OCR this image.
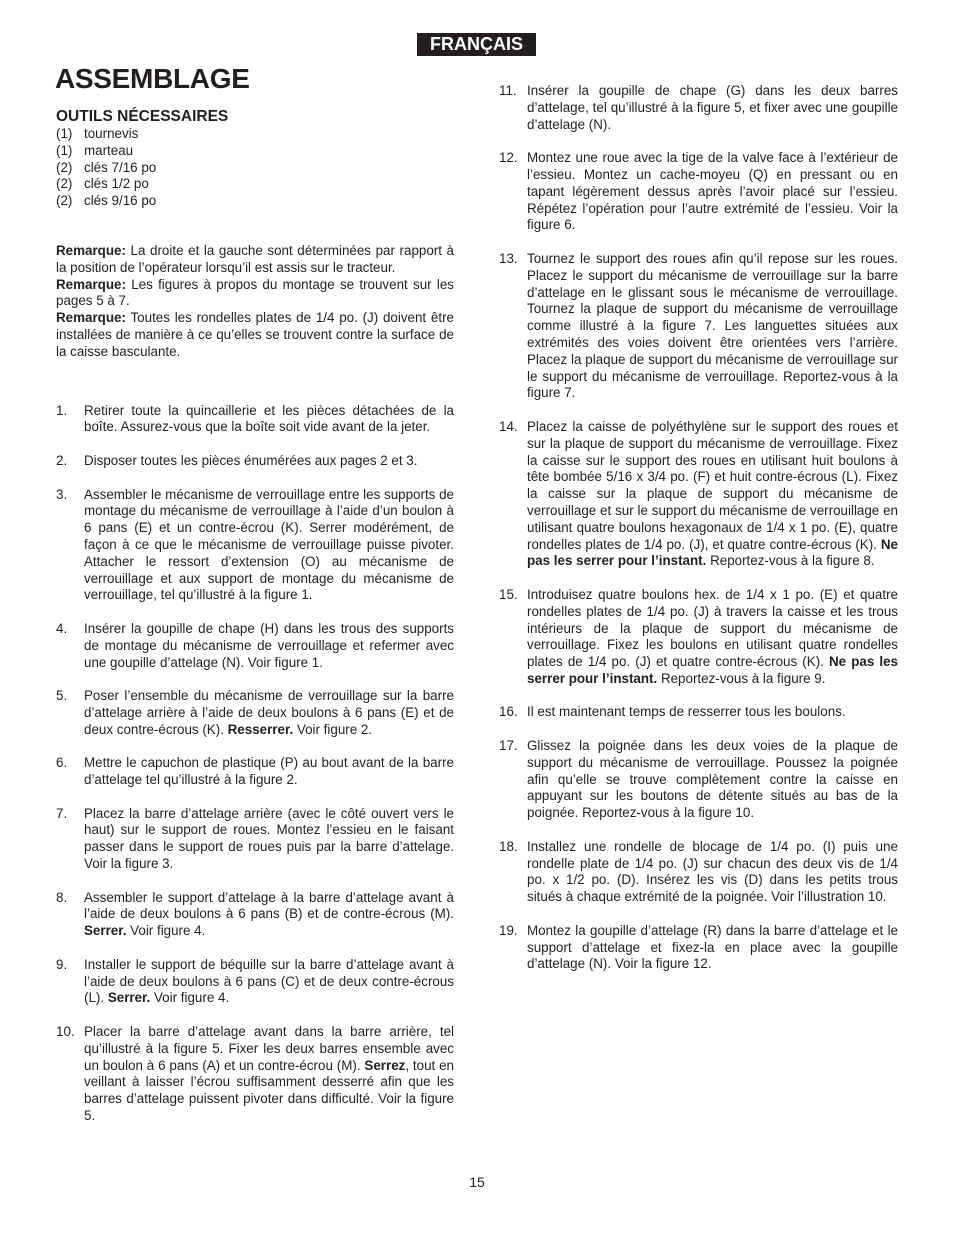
FRANÇAIS
ASSEMBLAGE
OUTILS NÉCESSAIRES
(1) tournevis
(1) marteau
(2) clés 7/16 po
(2) clés 1/2 po
(2) clés 9/16 po

Remarque: La droite et la gauche sont déterminées par rapport à la position de l’opérateur lorsqu’il est assis sur le tracteur.

Remarque: Les figures à propos du montage se trouvent sur les pages 5 à 7.

Remarque: Toutes les rondelles plates de 1/4 po. (J) doivent être installées de manière à ce qu’elles se trouvent contre la surface de la caisse basculante.

1. Retirer toute la quincaillerie et les pièces détachées de la boîte. Assurez-vous que la boîte soit vide avant de la jeter.
2. Disposer toutes les pièces énumérées aux pages 2 et 3.
3. Assembler le mécanisme de verrouillage entre les supports de montage du mécanisme de verrouillage à l’aide d’un boulon à 6 pans (E) et un contre-écrou (K). Serrer modérément, de façon à ce que le mécanisme de verrouillage puisse pivoter. Attacher le ressort d’extension (O) au mécanisme de verrouillage et aux support de montage du mécanisme de verrouillage, tel qu’illustré à la figure 1.
4. Insérer la goupille de chape (H) dans les trous des supports de montage du mécanisme de verrouillage et refermer avec une goupille d’attelage (N). Voir figure 1.
5. Poser l’ensemble du mécanisme de verrouillage sur la barre d’attelage arrière à l’aide de deux boulons à 6 pans (E) et de deux contre-écrous (K). Resserrer. Voir figure 2.
6. Mettre le capuchon de plastique (P) au bout avant de la barre d’attelage tel qu’illustré à la figure 2.
7. Placez la barre d’attelage arrière (avec le côté ouvert vers le haut) sur le support de roues. Montez l’essieu en le faisant passer dans le support de roues puis par la barre d’attelage. Voir la figure 3.
8. Assembler le support d’attelage à la barre d’attelage avant à l’aide de deux boulons à 6 pans (B) et de contre-écrous (M). Serrer. Voir figure 4.
9. Installer le support de béquille sur la barre d’attelage avant à l’aide de deux boulons à 6 pans (C) et de deux contre-écrous (L). Serrer. Voir figure 4.
10. Placer la barre d’attelage avant dans la barre arrière, tel qu’illustré à la figure 5. Fixer les deux barres ensemble avec un boulon à 6 pans (A) et un contre-écrou (M). Serrez, tout en veillant à laisser l’écrou suffisamment desserré afin que les barres d’attelage puissent pivoter dans difficulté. Voir la figure 5.
11. Insérer la goupille de chape (G) dans les deux barres d’attelage, tel qu’illustré à la figure 5, et fixer avec une goupille d’attelage (N).
12. Montez une roue avec la tige de la valve face à l’extérieur de l’essieu. Montez un cache-moyeu (Q) en pressant ou en tapant légèrement dessus après l’avoir placé sur l’essieu. Répétez l’opération pour l’autre extrémité de l’essieu. Voir la figure 6.
13. Tournez le support des roues afin qu’il repose sur les roues. Placez le support du mécanisme de verrouillage sur la barre d’attelage en le glissant sous le mécanisme de verrouillage. Tournez la plaque de support du mécanisme de verrouillage comme illustré à la figure 7. Les languettes situées aux extrémités des voies doivent être orientées vers l’arrière. Placez la plaque de support du mécanisme de verrouillage sur le support du mécanisme de verrouillage. Reportez-vous à la figure 7.
14. Placez la caisse de polyéthylène sur le support des roues et sur la plaque de support du mécanisme de verrouillage. Fixez la caisse sur le support des roues en utilisant huit boulons à tête bombée 5/16 x 3/4 po. (F) et huit contre-écrous (L). Fixez la caisse sur la plaque de support du mécanisme de verrouillage et sur le support du mécanisme de verrouillage en utilisant quatre boulons hexagonaux de 1/4 x 1 po. (E), quatre rondelles plates de 1/4 po. (J), et quatre contre-écrous (K). Ne pas les serrer pour l’instant. Reportez-vous à la figure 8.
15. Introduisez quatre boulons hex. de 1/4 x 1 po. (E) et quatre rondelles plates de 1/4 po. (J) à travers la caisse et les trous intérieurs de la plaque de support du mécanisme de verrouillage. Fixez les boulons en utilisant quatre rondelles plates de 1/4 po. (J) et quatre contre-écrous (K). Ne pas les serrer pour l’instant. Reportez-vous à la figure 9.
16. Il est maintenant temps de resserrer tous les boulons.
17. Glissez la poignée dans les deux voies de la plaque de support du mécanisme de verrouillage. Poussez la poignée afin qu’elle se trouve complètement contre la caisse en appuyant sur les boutons de détente situés au bas de la poignée. Reportez-vous à la figure 10.
18. Installez une rondelle de blocage de 1/4 po. (I) puis une rondelle plate de 1/4 po. (J) sur chacun des deux vis de 1/4 po. x 1/2 po. (D). Insérez les vis (D) dans les petits trous situés à chaque extrémité de la poignée. Voir l’illustration 10.
19. Montez la goupille d’attelage (R) dans la barre d’attelage et le support d’attelage et fixez-la en place avec la goupille d’attelage (N). Voir la figure 12.
15
